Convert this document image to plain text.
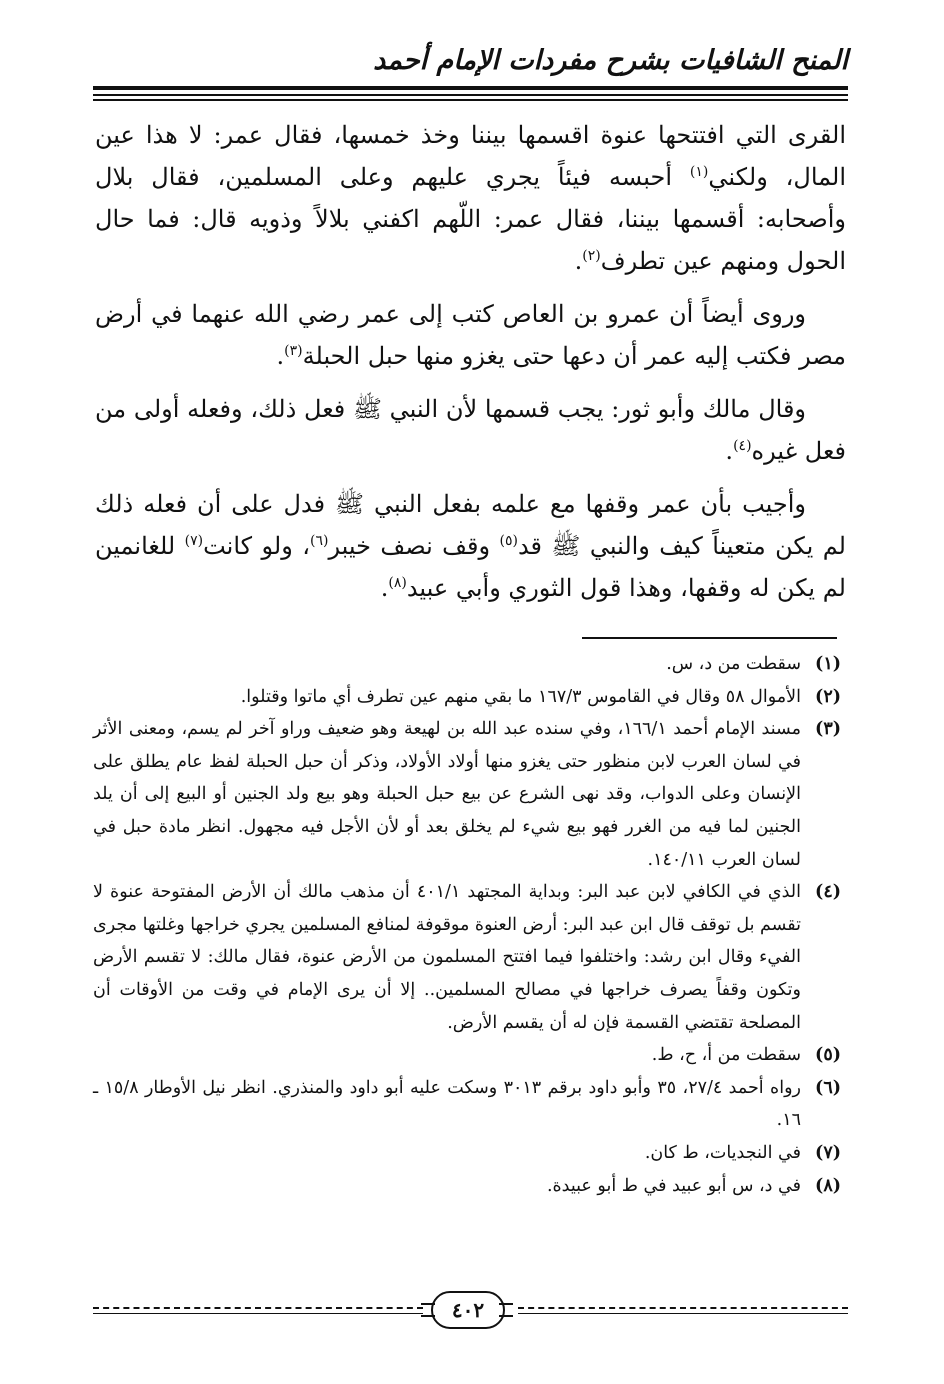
المنح الشافيات بشرح مفردات الإمام أحمد
القرى التي افتتحها عنوة اقسمها بيننا وخذ خمسها، فقال عمر: لا هذا عين المال، ولكني$^{(١)}$ أحبسه فيئاً يجري عليهم وعلى المسلمين، فقال بلال وأصحابه: أقسمها بيننا، فقال عمر: اللّهم اكفني بلالاً وذويه قال: فما حال الحول ومنهم عين تطرف$^{(٢)}$.
وروى أيضاً أن عمرو بن العاص كتب إلى عمر رضي الله عنهما في أرض مصر فكتب إليه عمر أن دعها حتى يغزو منها حبل الحبلة$^{(٣)}$.
وقال مالك وأبو ثور: يجب قسمها لأن النبي ﷺ فعل ذلك، وفعله أولى من فعل غيره$^{(٤)}$.
وأجيب بأن عمر وقفها مع علمه بفعل النبي ﷺ فدل على أن فعله ذلك لم يكن متعيناً كيف والنبي ﷺ قد$^{(٥)}$ وقف نصف خيبر$^{(٦)}$، ولو كانت$^{(٧)}$ للغانمين لم يكن له وقفها، وهذا قول الثوري وأبي عبيد$^{(٨)}$.
(١)
سقطت من د، س.
(٢)
الأموال ٥٨ وقال في القاموس ١٦٧/٣ ما بقي منهم عين تطرف أي ماتوا وقتلوا.
(٣)
مسند الإمام أحمد ١٦٦/١، وفي سنده عبد الله بن لهيعة وهو ضعيف وراو آخر لم يسم، ومعنى الأثر في لسان العرب لابن منظور حتى يغزو منها أولاد الأولاد، وذكر أن حبل الحبلة لفظ عام يطلق على الإنسان وعلى الدواب، وقد نهى الشرع عن بيع حبل الحبلة وهو بيع ولد الجنين أو البيع إلى أن يلد الجنين لما فيه من الغرر فهو بيع شيء لم يخلق بعد أو لأن الأجل فيه مجهول. انظر مادة حبل في لسان العرب ١٤٠/١١.
(٤)
الذي في الكافي لابن عبد البر: وبداية المجتهد ٤٠١/١ أن مذهب مالك أن الأرض المفتوحة عنوة لا تقسم بل توقف قال ابن عبد البر: أرض العنوة موقوفة لمنافع المسلمين يجري خراجها وغلتها مجرى الفيء وقال ابن رشد: واختلفوا فيما افتتح المسلمون من الأرض عنوة، فقال مالك: لا تقسم الأرض وتكون وقفاً يصرف خراجها في مصالح المسلمين.. إلا أن يرى الإمام في وقت من الأوقات أن المصلحة تقتضي القسمة فإن له أن يقسم الأرض.
(٥)
سقطت من أ، ح، ط.
(٦)
رواه أحمد ٢٧/٤، ٣٥ وأبو داود برقم ٣٠١٣ وسكت عليه أبو داود والمنذري. انظر نيل الأوطار ١٥/٨ ـ ١٦.
(٧)
في النجديات، ط كان.
(٨)
في د، س أبو عبيد في ط أبو عبيدة.
٤٠٢
